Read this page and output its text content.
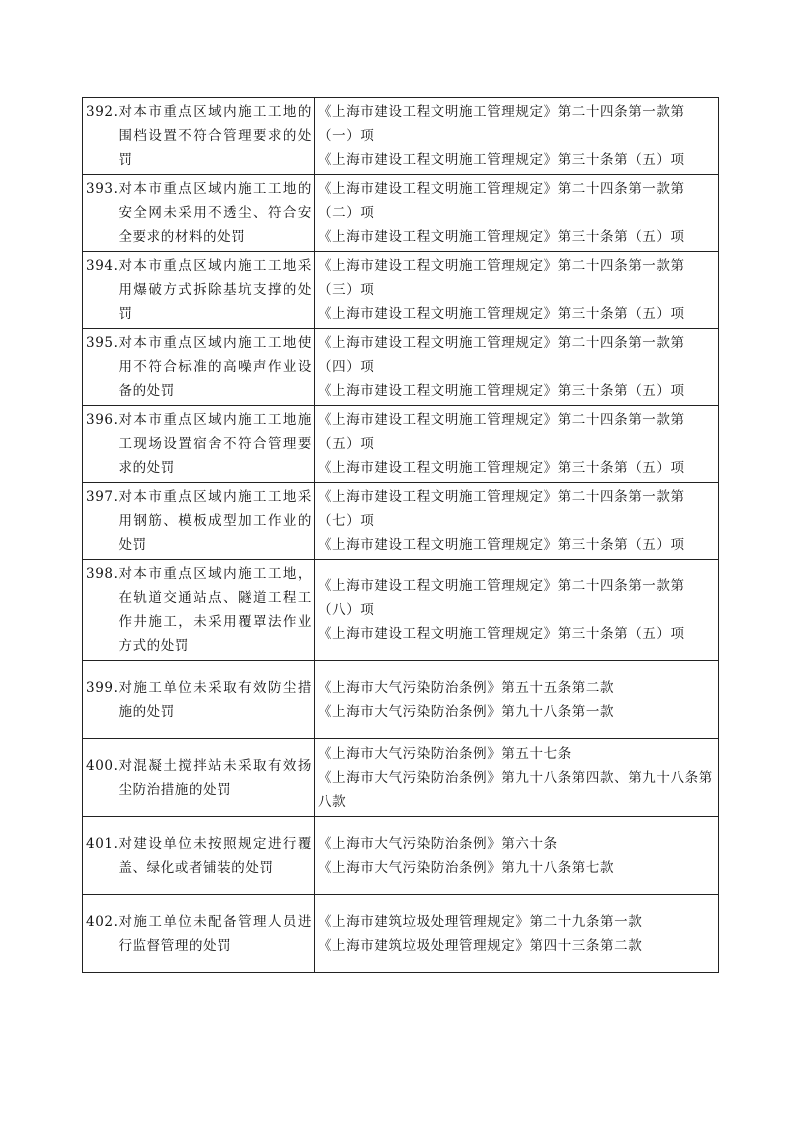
392. 对本市重点区域内施工工地的围档设置不符合管理要求的处罚	《上海市建设工程文明施工管理规定》第二十四条第一款第（一）项
《上海市建设工程文明施工管理规定》第三十条第（五）项

393. 对本市重点区域内施工工地的安全网未采用不透尘、符合安全要求的材料的处罚	《上海市建设工程文明施工管理规定》第二十四条第一款第（二）项
《上海市建设工程文明施工管理规定》第三十条第（五）项

394. 对本市重点区域内施工工地采用爆破方式拆除基坑支撑的处罚	《上海市建设工程文明施工管理规定》第二十四条第一款第（三）项
《上海市建设工程文明施工管理规定》第三十条第（五）项

395. 对本市重点区域内施工工地使用不符合标准的高噪声作业设备的处罚	《上海市建设工程文明施工管理规定》第二十四条第一款第（四）项
《上海市建设工程文明施工管理规定》第三十条第（五）项

396. 对本市重点区域内施工工地施工现场设置宿舍不符合管理要求的处罚	《上海市建设工程文明施工管理规定》第二十四条第一款第（五）项
《上海市建设工程文明施工管理规定》第三十条第（五）项

397. 对本市重点区域内施工工地采用钢筋、模板成型加工作业的处罚	《上海市建设工程文明施工管理规定》第二十四条第一款第（七）项
《上海市建设工程文明施工管理规定》第三十条第（五）项

398. 对本市重点区域内施工工地，在轨道交通站点、隧道工程工作井施工，未采用覆罩法作业方式的处罚	《上海市建设工程文明施工管理规定》第二十四条第一款第（八）项
《上海市建设工程文明施工管理规定》第三十条第（五）项

399. 对施工单位未采取有效防尘措施的处罚	《上海市大气污染防治条例》第五十五条第二款
《上海市大气污染防治条例》第九十八条第一款

400. 对混凝土搅拌站未采取有效扬尘防治措施的处罚	《上海市大气污染防治条例》第五十七条
《上海市大气污染防治条例》第九十八条第四款、第九十八条第八款

401. 对建设单位未按照规定进行覆盖、绿化或者铺装的处罚	《上海市大气污染防治条例》第六十条
《上海市大气污染防治条例》第九十八条第七款

402. 对施工单位未配备管理人员进行监督管理的处罚	《上海市建筑垃圾处理管理规定》第二十九条第一款
《上海市建筑垃圾处理管理规定》第四十三条第二款
